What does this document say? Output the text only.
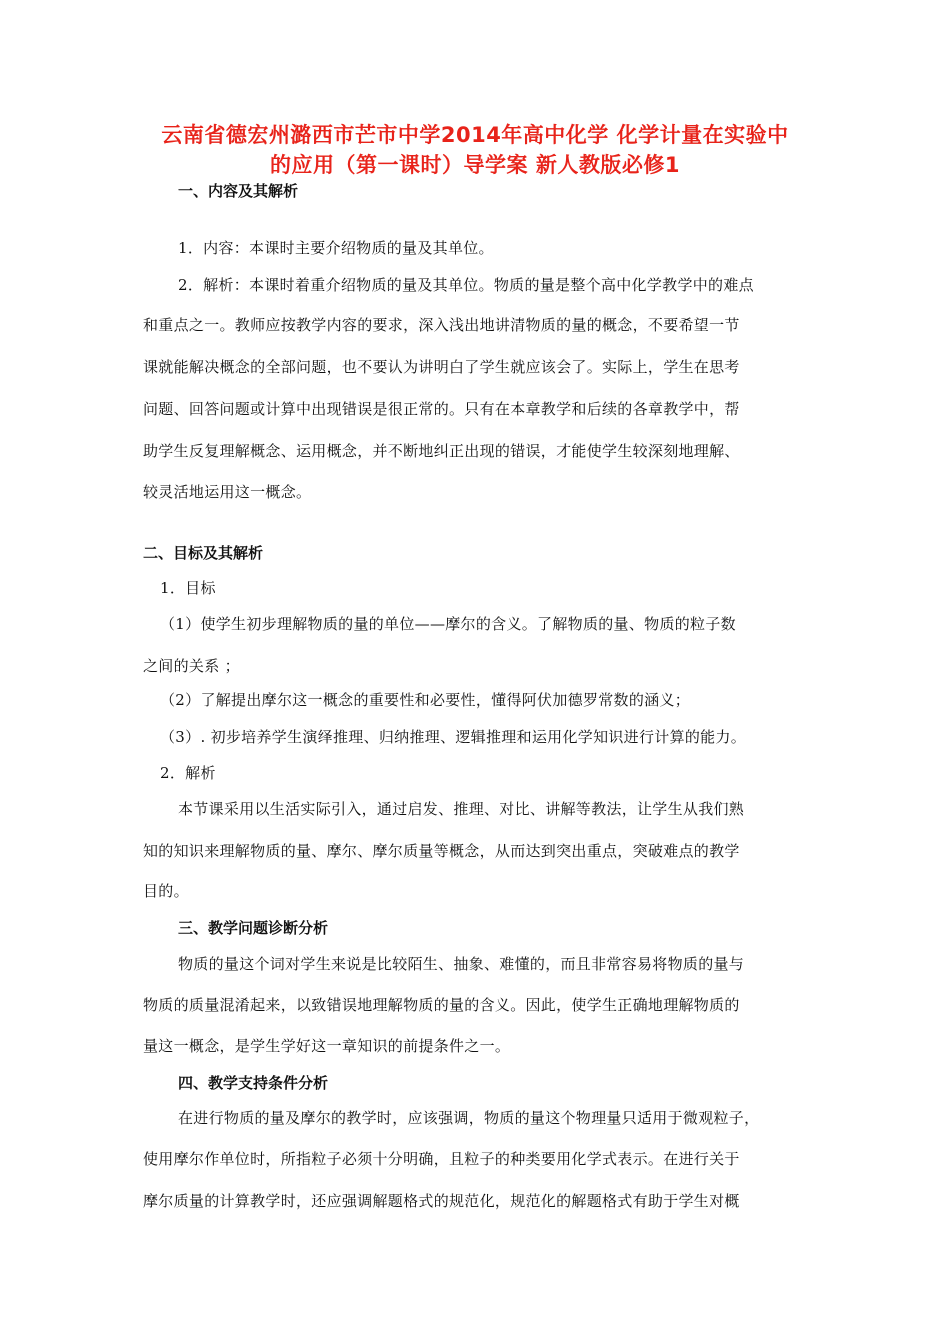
云南省德宏州潞西市芒市中学2014年高中化学 化学计量在实验中
的应用（第一课时）导学案 新人教版必修1
一、内容及其解析
1．内容：本课时主要介绍物质的量及其单位。
2．解析：本课时着重介绍物质的量及其单位。物质的量是整个高中化学教学中的难点
和重点之一。教师应按教学内容的要求，深入浅出地讲清物质的量的概念，不要希望一节
课就能解决概念的全部问题，也不要认为讲明白了学生就应该会了。实际上，学生在思考
问题、回答问题或计算中出现错误是很正常的。只有在本章教学和后续的各章教学中，帮
助学生反复理解概念、运用概念，并不断地纠正出现的错误，才能使学生较深刻地理解、
较灵活地运用这一概念。
二、目标及其解析
1．目标
（1）使学生初步理解物质的量的单位——摩尔的含义。了解物质的量、物质的粒子数
之间的关系 ；
（2）了解提出摩尔这一概念的重要性和必要性，懂得阿伏加德罗常数的涵义；
（3）. 初步培养学生演绎推理、归纳推理、逻辑推理和运用化学知识进行计算的能力。
2．解析
本节课采用以生活实际引入，通过启发、推理、对比、讲解等教法，让学生从我们熟
知的知识来理解物质的量、摩尔、摩尔质量等概念，从而达到突出重点，突破难点的教学
目的。
三、教学问题诊断分析
物质的量这个词对学生来说是比较陌生、抽象、难懂的，而且非常容易将物质的量与
物质的质量混淆起来，以致错误地理解物质的量的含义。因此，使学生正确地理解物质的
量这一概念，是学生学好这一章知识的前提条件之一。
四、教学支持条件分析
在进行物质的量及摩尔的教学时，应该强调，物质的量这个物理量只适用于微观粒子，
使用摩尔作单位时，所指粒子必须十分明确，且粒子的种类要用化学式表示。在进行关于
摩尔质量的计算教学时，还应强调解题格式的规范化，规范化的解题格式有助于学生对概
